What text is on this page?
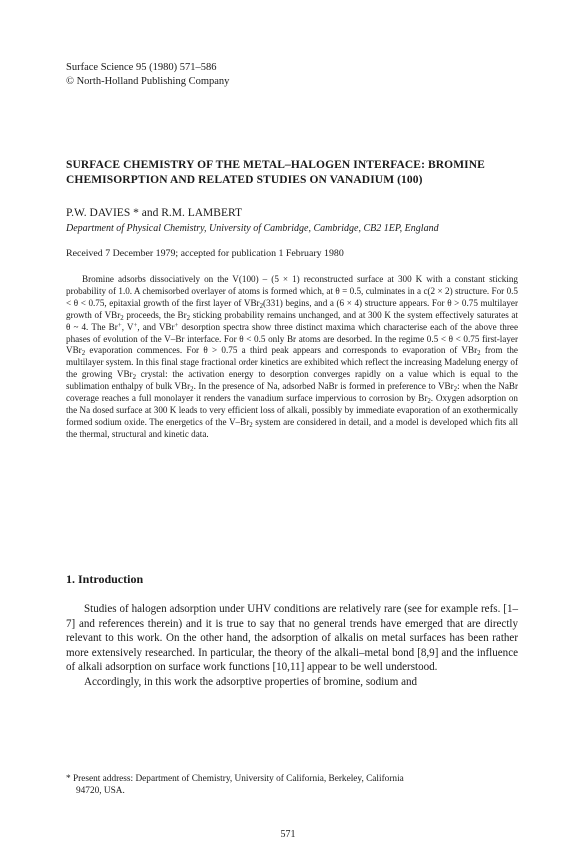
Surface Science 95 (1980) 571–586
© North-Holland Publishing Company
SURFACE CHEMISTRY OF THE METAL–HALOGEN INTERFACE: BROMINE
CHEMISORPTION AND RELATED STUDIES ON VANADIUM (100)
P.W. DAVIES * and R.M. LAMBERT
Department of Physical Chemistry, University of Cambridge, Cambridge, CB2 1EP, England
Received 7 December 1979; accepted for publication 1 February 1980
Bromine adsorbs dissociatively on the V(100) – (5 × 1) reconstructed surface at 300 K with a constant sticking probability of 1.0. A chemisorbed overlayer of atoms is formed which, at θ = 0.5, culminates in a c(2 × 2) structure. For 0.5 < θ < 0.75, epitaxial growth of the first layer of VBr$_2$(331) begins, and a (6 × 4) structure appears. For θ > 0.75 multilayer growth of VBr$_2$ proceeds, the $Br_2$ sticking probability remains unchanged, and at 300 K the system effectively saturates at θ ~ 4. The Br+, V+, and VBr+ desorption spectra show three distinct maxima which characterise each of the above three phases of evolution of the V–Br interface. For θ < 0.5 only Br atoms are desorbed. In the regime 0.5 < θ < 0.75 first-layer VBr$_2$ evaporation commences. For θ > 0.75 a third peak appears and corresponds to evaporation of VBr$_2$ from the multilayer system. In this final stage fractional order kinetics are exhibited which reflect the increasing Madelung energy of the growing VBr$_2$ crystal: the activation energy to desorption converges rapidly on a value which is equal to the sublimation enthalpy of bulk VBr$_2$. In the presence of Na, adsorbed NaBr is formed in preference to VBr$_2$: when the NaBr coverage reaches a full monolayer it renders the vanadium surface impervious to corrosion by $Br_2$. Oxygen adsorption on the Na dosed surface at 300 K leads to very efficient loss of alkali, possibly by immediate evaporation of an exothermically formed sodium oxide. The energetics of the $V-Br_2$ system are considered in detail, and a model is developed which fits all the thermal, structural and kinetic data.
1. Introduction

Studies of halogen adsorption under UHV conditions are relatively rare (see for example refs. [1–7] and references therein) and it is true to say that no general trends have emerged that are directly relevant to this work. On the other hand, the adsorption of alkalis on metal surfaces has been rather more extensively researched. In particular, the theory of the alkali–metal bond [8,9] and the influence of alkali adsorption on surface work functions [10,11] appear to be well understood.

Accordingly, in this work the adsorptive properties of bromine, sodium and

* Present address: Department of Chemistry, University of California, Berkeley, California
94720, USA.
571
